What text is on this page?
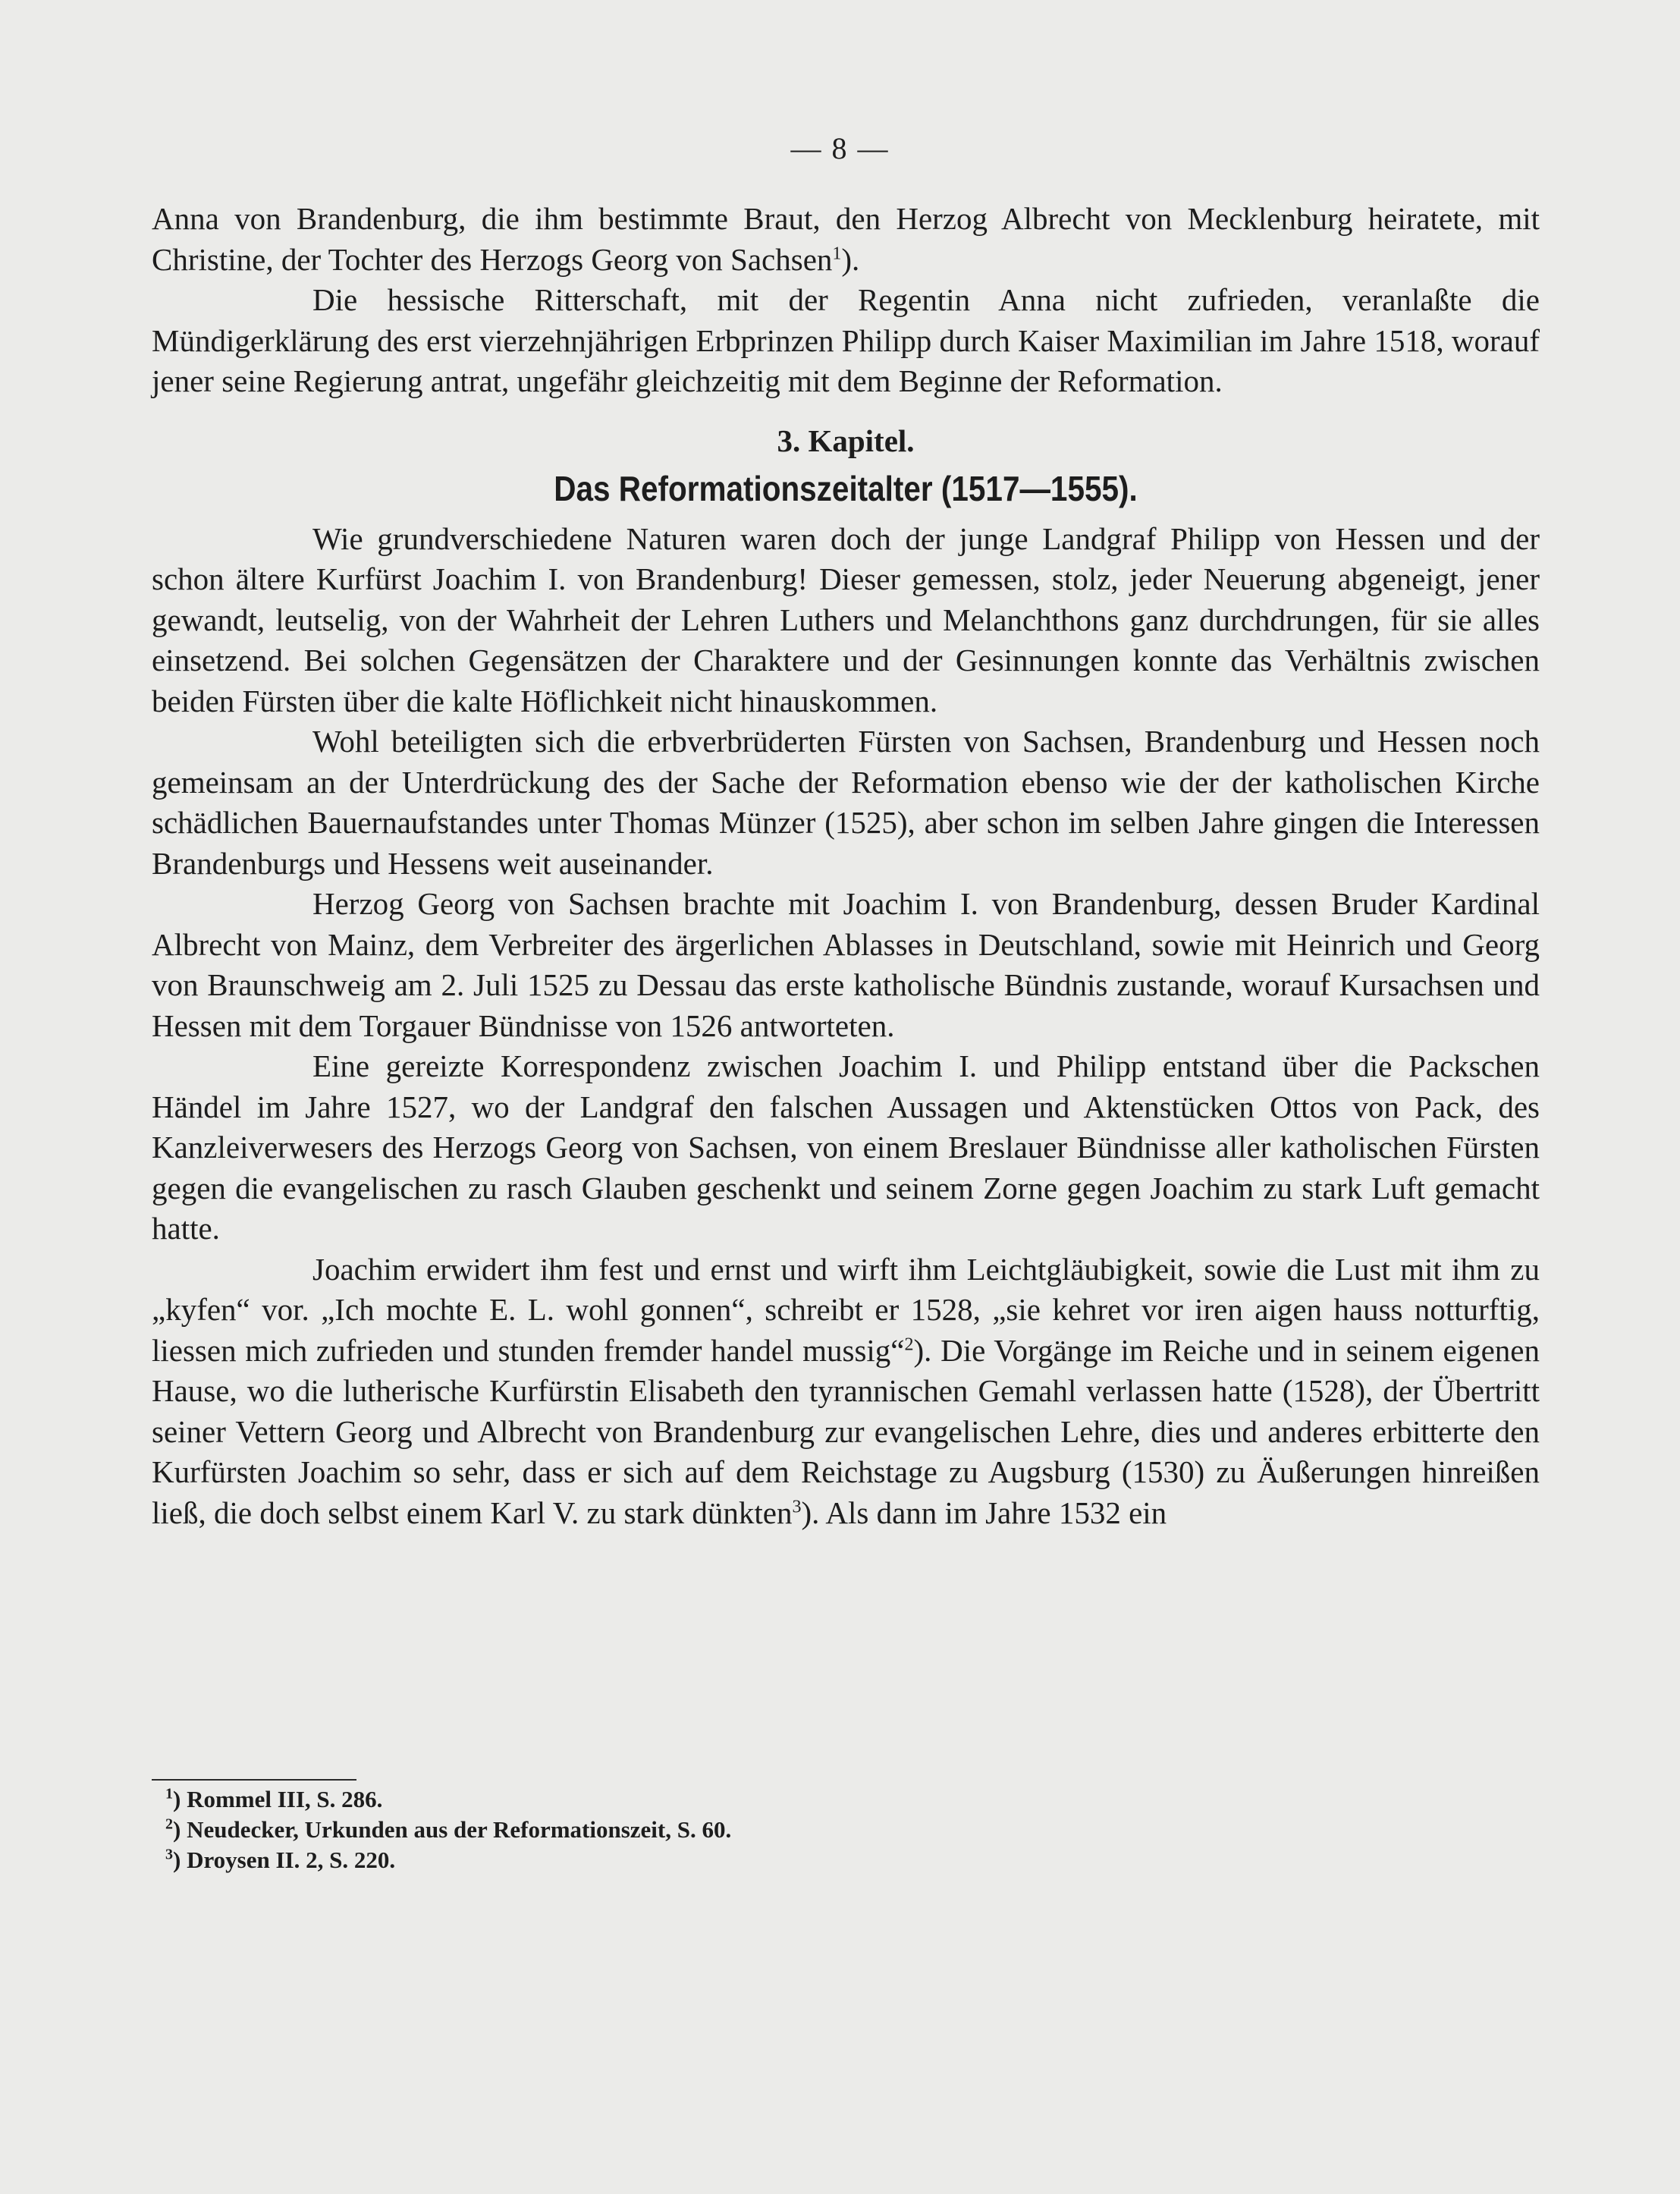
— 8 —

Anna von Brandenburg, die ihm bestimmte Braut, den Herzog Albrecht von Mecklenburg heiratete, mit Christine, der Tochter des Herzogs Georg von Sachsen$^1$).

Die hessische Ritterschaft, mit der Regentin Anna nicht zufrieden, veranlaßte die Mündigerklärung des erst vierzehnjährigen Erbprinzen Philipp durch Kaiser Maximilian im Jahre 1518, worauf jener seine Regierung antrat, ungefähr gleichzeitig mit dem Beginne der Reformation.

3. Kapitel.
Das Reformationszeitalter (1517—1555).

Wie grundverschiedene Naturen waren doch der junge Landgraf Philipp von Hessen und der schon ältere Kurfürst Joachim I. von Brandenburg! Dieser gemessen, stolz, jeder Neuerung abgeneigt, jener gewandt, leutselig, von der Wahrheit der Lehren Luthers und Melanchthons ganz durchdrungen, für sie alles einsetzend. Bei solchen Gegensätzen der Charaktere und der Gesinnungen konnte das Verhältnis zwischen beiden Fürsten über die kalte Höflichkeit nicht hinauskommen.

Wohl beteiligten sich die erbverbrüderten Fürsten von Sachsen, Brandenburg und Hessen noch gemeinsam an der Unterdrückung des der Sache der Reformation ebenso wie der der katholischen Kirche schädlichen Bauernaufstandes unter Thomas Münzer (1525), aber schon im selben Jahre gingen die Interessen Brandenburgs und Hessens weit auseinander.

Herzog Georg von Sachsen brachte mit Joachim I. von Brandenburg, dessen Bruder Kardinal Albrecht von Mainz, dem Verbreiter des ärgerlichen Ablasses in Deutschland, sowie mit Heinrich und Georg von Braunschweig am 2. Juli 1525 zu Dessau das erste katholische Bündnis zustande, worauf Kursachsen und Hessen mit dem Torgauer Bündnisse von 1526 antworteten.

Eine gereizte Korrespondenz zwischen Joachim I. und Philipp entstand über die Packschen Händel im Jahre 1527, wo der Landgraf den falschen Aussagen und Aktenstücken Ottos von Pack, des Kanzleiverwesers des Herzogs Georg von Sachsen, von einem Breslauer Bündnisse aller katholischen Fürsten gegen die evangelischen zu rasch Glauben geschenkt und seinem Zorne gegen Joachim zu stark Luft gemacht hatte.

Joachim erwidert ihm fest und ernst und wirft ihm Leichtgläubigkeit, sowie die Lust mit ihm zu „kyfen“ vor. „Ich mochte E. L. wohl gonnen“, schreibt er 1528, „sie kehret vor iren aigen hauss notturftig, liessen mich zufrieden und stunden fremder handel mussig“$^2$). Die Vorgänge im Reiche und in seinem eigenen Hause, wo die lutherische Kurfürstin Elisabeth den tyrannischen Gemahl verlassen hatte (1528), der Übertritt seiner Vettern Georg und Albrecht von Brandenburg zur evangelischen Lehre, dies und anderes erbitterte den Kurfürsten Joachim so sehr, dass er sich auf dem Reichstage zu Augsburg (1530) zu Äußerungen hinreißen ließ, die doch selbst einem Karl V. zu stark dünkten$^3$). Als dann im Jahre 1532 ein

$^1$) Rommel III, S. 286.
$^2$) Neudecker, Urkunden aus der Reformationszeit, S. 60.
$^3$) Droysen II. 2, S. 220.
